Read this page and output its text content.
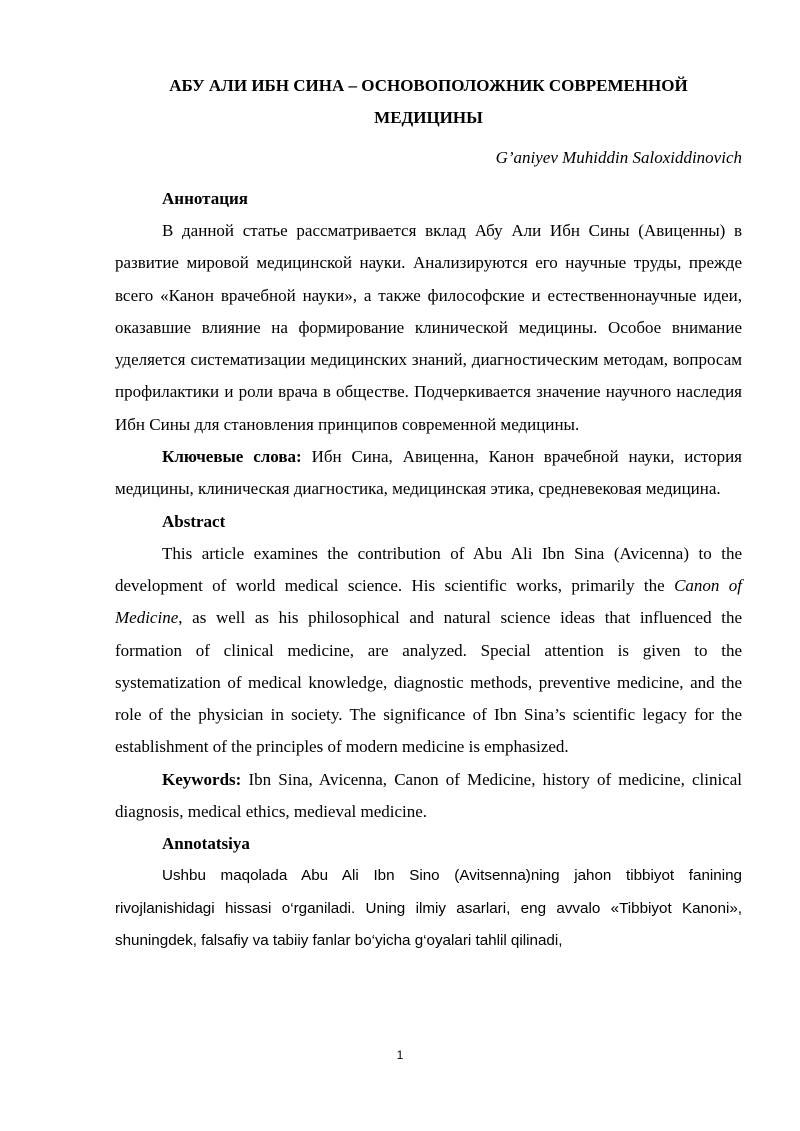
АБУ АЛИ ИБН СИНА – ОСНОВОПОЛОЖНИК СОВРЕМЕННОЙ МЕДИЦИНЫ
G’aniyev Muhiddin Saloxiddinovich
Аннотация

В данной статье рассматривается вклад Абу Али Ибн Сины (Авиценны) в развитие мировой медицинской науки. Анализируются его научные труды, прежде всего «Канон врачебной науки», а также философские и естественнонаучные идеи, оказавшие влияние на формирование клинической медицины. Особое внимание уделяется систематизации медицинских знаний, диагностическим методам, вопросам профилактики и роли врача в обществе. Подчеркивается значение научного наследия Ибн Сины для становления принципов современной медицины.

Ключевые слова: Ибн Сина, Авиценна, Канон врачебной науки, история медицины, клиническая диагностика, медицинская этика, средневековая медицина.

Abstract

This article examines the contribution of Abu Ali Ibn Sina (Avicenna) to the development of world medical science. His scientific works, primarily the Canon of Medicine, as well as his philosophical and natural science ideas that influenced the formation of clinical medicine, are analyzed. Special attention is given to the systematization of medical knowledge, diagnostic methods, preventive medicine, and the role of the physician in society. The significance of Ibn Sina’s scientific legacy for the establishment of the principles of modern medicine is emphasized.

Keywords: Ibn Sina, Avicenna, Canon of Medicine, history of medicine, clinical diagnosis, medical ethics, medieval medicine.

Annotatsiya

Ushbu maqolada Abu Ali Ibn Sino (Avitsenna)ning jahon tibbiyot fanining rivojlanishidagi hissasi o‘rganiladi. Uning ilmiy asarlari, eng avvalo «Tibbiyot Kanoni», shuningdek, falsafiy va tabiiy fanlar bo‘yicha g‘oyalari tahlil qilinadi,

1
